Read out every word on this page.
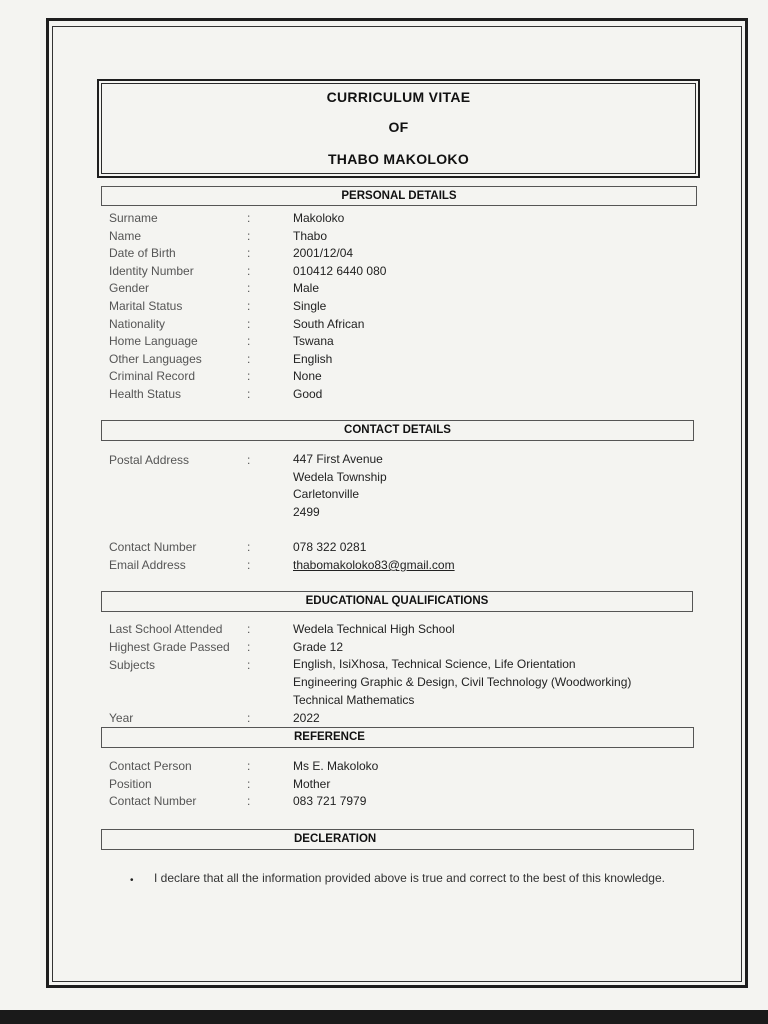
CURRICULUM VITAE
OF
THABO MAKOLOKO
PERSONAL DETAILS
Surname	:	Makoloko
Name	:	Thabo
Date of Birth	:	2001/12/04
Identity Number	:	010412 6440 080
Gender	:	Male
Marital Status	:	Single
Nationality	:	South African
Home Language	:	Tswana
Other Languages	:	English
Criminal Record	:	None
Health Status	:	Good
CONTACT DETAILS
Postal Address	:	447 First Avenue
Wedela Township
Carletonville
2499
Contact Number	:	078 322 0281
Email Address	:	thabomakoloko83@gmail.com
EDUCATIONAL QUALIFICATIONS
Last School Attended :	Wedela Technical High School
Highest Grade Passed :	Grade 12
Subjects	:	English, IsiXhosa, Technical Science, Life Orientation
Engineering Graphic & Design, Civil Technology (Woodworking)
Technical Mathematics
Year	:	2022
REFERENCE
Contact Person	:	Ms E. Makoloko
Position	:	Mother
Contact Number	:	083 721 7979
DECLERATION
• I declare that all the information provided above is true and correct to the best of this knowledge.
